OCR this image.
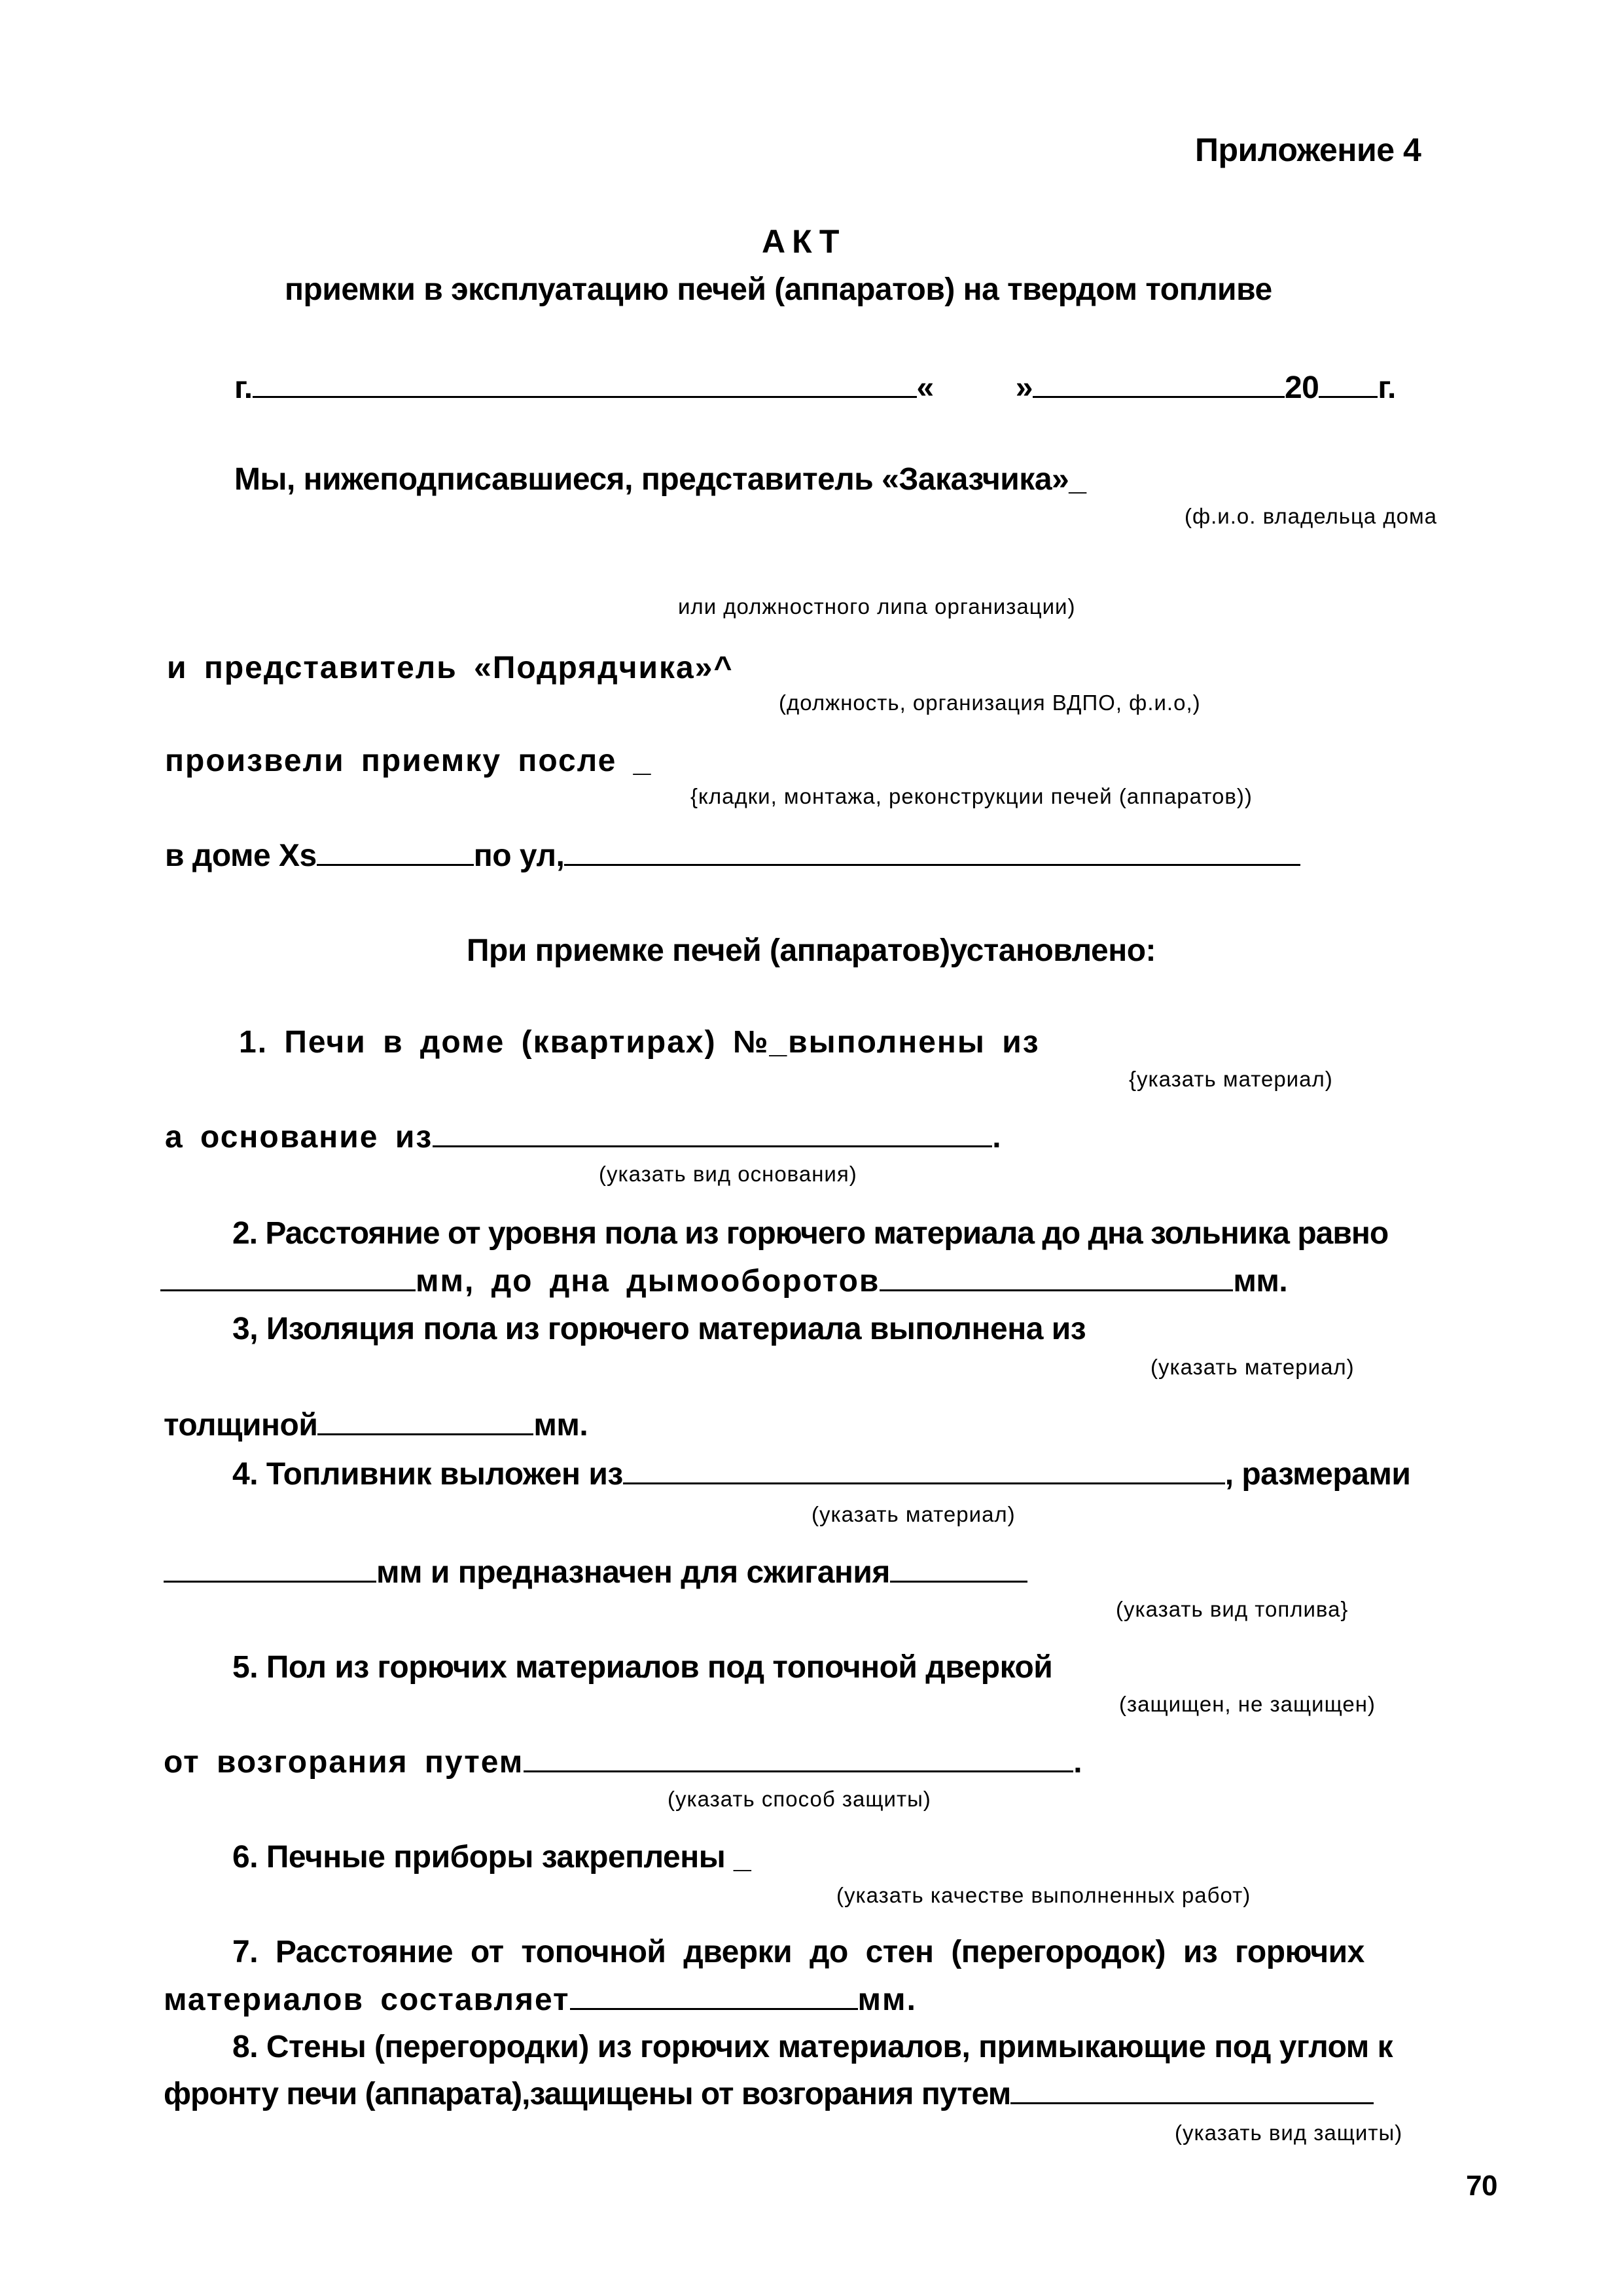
Приложение 4
АКТ
приемки в эксплуатацию печей (аппаратов) на твердом топливе
г.	«	»	20 г.
Мы, нижеподписавшиеся, представитель «Заказчика»_
(ф.и.о. владельца дома
или должностного липа организации)
и представитель «Подрядчика»^
(должность, организация ВДПО, ф.и.о,)
произвели приемку после _
{кладки, монтажа, реконструкции печей (аппаратов))
в доме Xs	по ул,
При приемке печей (аппаратов)установлено:
1. Печи в доме (квартирах) №_выполнены из
{указать материал)
а основание из	.
(указать вид основания)
2. Расстояние от уровня пола из горючего материала до дна зольника равно
мм, до дна дымооборотов	мм.
3, Изоляция пола из горючего материала выполнена из
(указать материал)
толщиной	мм.
4. Топливник выложен из	, размерами
(указать материал)
мм и предназначен для сжигания
(указать вид топлива}
5. Пол из горючих материалов под топочной дверкой
(защищен, не защищен)
от возгорания путем	.
(указать способ защиты)
6. Печные приборы закреплены _
(указать качестве выполненных работ)
7. Расстояние от топочной дверки до стен (перегородок) из горючих
материалов составляет	мм.
8. Стены (перегородки) из горючих материалов, примыкающие под углом к
фронту печи (аппарата),защищены от возгорания путем
(указать вид защиты)
70
